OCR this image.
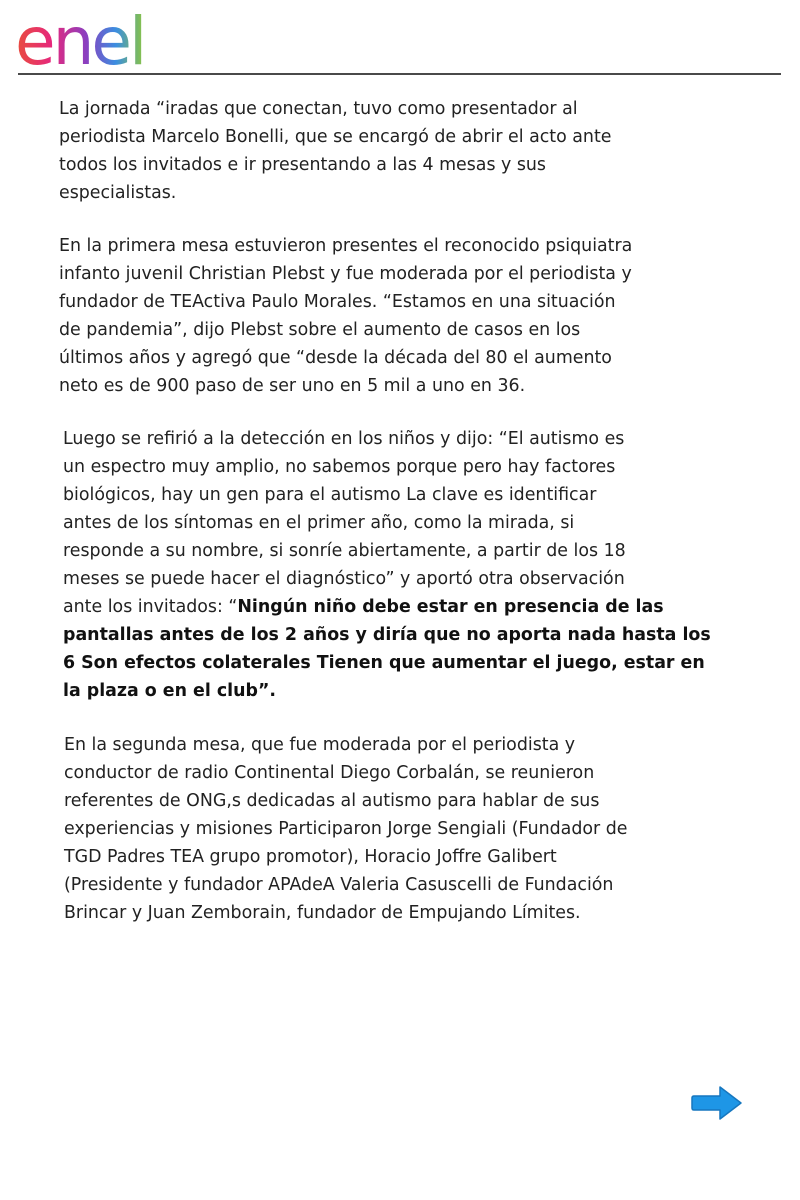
enel
La jornada “iradas que conectan, tuvo como presentador al
periodista Marcelo Bonelli, que se encargó de abrir el acto ante
todos los invitados e ir presentando a las 4 mesas y sus
especialistas.
En la primera mesa estuvieron presentes el reconocido psiquiatra
infanto juvenil Christian Plebst y fue moderada por el periodista y
fundador de TEActiva Paulo Morales. “Estamos en una situación
de pandemia”, dijo Plebst sobre el aumento de casos en los
últimos años y agregó que “desde la década del 80 el aumento
neto es de 900 paso de ser uno en 5 mil a uno en 36.
Luego se refirió a la detección en los niños y dijo: “El autismo es
un espectro muy amplio, no sabemos porque pero hay factores
biológicos, hay un gen para el autismo La clave es identificar
antes de los síntomas en el primer año, como la mirada, si
responde a su nombre, si sonríe abiertamente, a partir de los 18
meses se puede hacer el diagnóstico” y aportó otra observación
ante los invitados: “Ningún niño debe estar en presencia de las
pantallas antes de los 2 años y diría que no aporta nada hasta los
6 Son efectos colaterales Tienen que aumentar el juego, estar en
la plaza o en el club”.
En la segunda mesa, que fue moderada por el periodista y
conductor de radio Continental Diego Corbalán, se reunieron
referentes de ONG,s dedicadas al autismo para hablar de sus
experiencias y misiones Participaron Jorge Sengiali (Fundador de
TGD Padres TEA grupo promotor), Horacio Joffre Galibert
(Presidente y fundador APAdeA Valeria Casuscelli de Fundación
Brincar y Juan Zemborain, fundador de Empujando Límites.
